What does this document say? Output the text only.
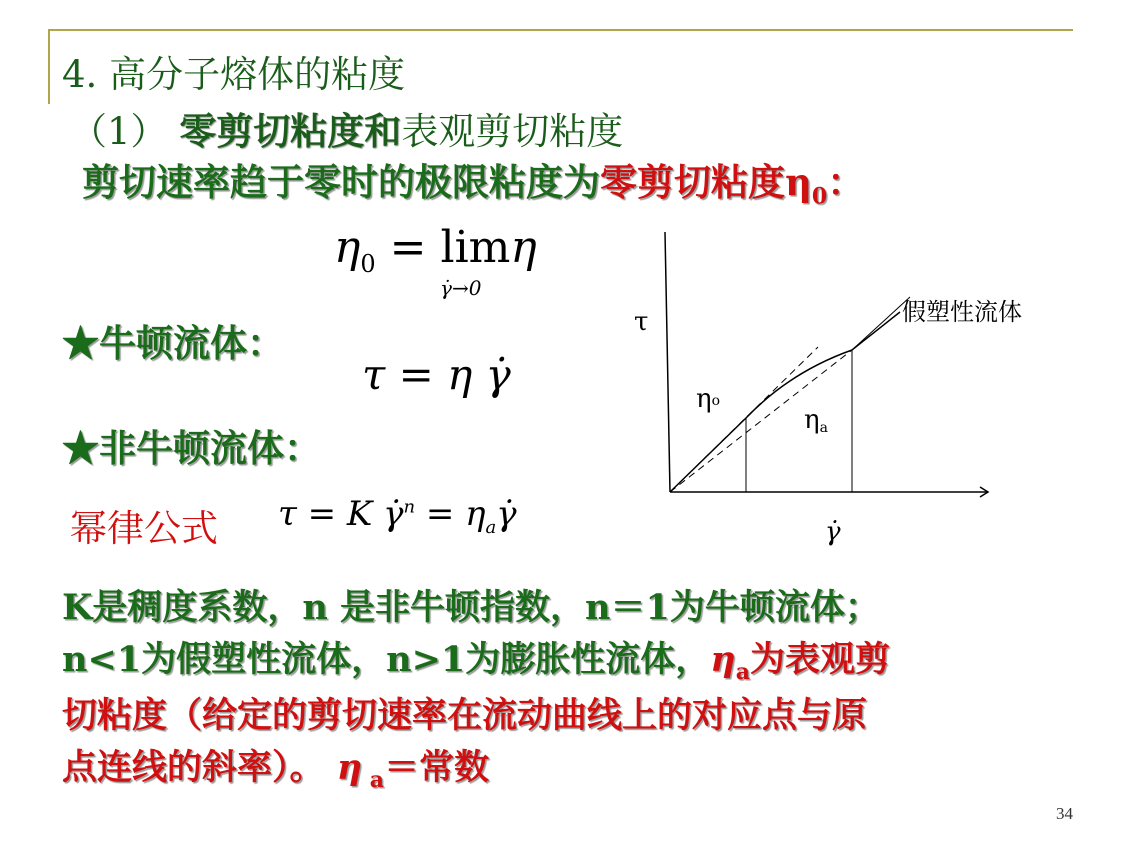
4. 高分子熔体的粘度
（1） 零剪切粘度和表观剪切粘度
剪切速率趋于零时的极限粘度为零剪切粘度$\eta_0$：
$\eta_0 = \lim\eta$
γ̇→0
★牛顿流体：
τ = η γ̇
★非牛顿流体：
幂律公式 τ = K γ̇$^n$ = $\eta_a\gammȧ$
τ
γ̇
假塑性流体
ηo
ηa
K是稠度系数，n 是非牛顿指数，n＝1为牛顿流体；
n<1为假塑性流体，n>1为膨胀性流体，$\eta_a$为表观剪
切粘度（给定的剪切速率在流动曲线上的对应点与原
点连线的斜率）。 η $_a$＝常数
34
